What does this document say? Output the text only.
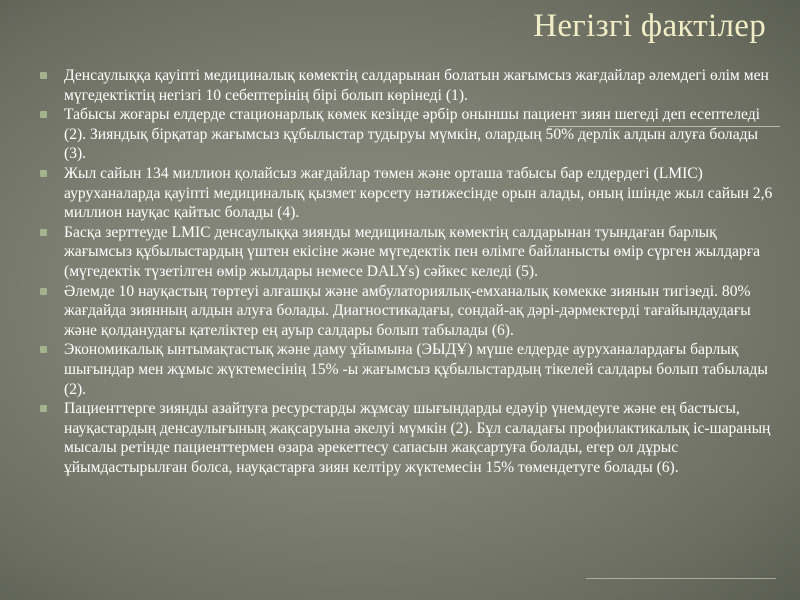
Негізгі фактілер
Денсаулыққа қауіпті медициналық көмектің салдарынан болатын жағымсыз жағдайлар әлемдегі өлім мен мүгедектіктің негізгі 10 себептерінің бірі болып көрінеді (1).
Табысы жоғары елдерде стационарлық көмек кезінде әрбір оныншы пациент зиян шегеді деп есептеледі (2). Зияндық бірқатар жағымсыз құбылыстар тудыруы мүмкін, олардың 50% дерлік алдын алуға болады (3).
Жыл сайын 134 миллион қолайсыз жағдайлар төмен және орташа табысы бар елдердегі (LMIC) ауруханаларда қауіпті медициналық қызмет көрсету нәтижесінде орын алады, оның ішінде жыл сайын 2,6 миллион науқас қайтыс болады (4).
Басқа зерттеуде LMIC денсаулыққа зиянды медициналық көмектің салдарынан туындаған барлық жағымсыз құбылыстардың үштен екісіне және мүгедектік пен өлімге байланысты өмір сүрген жылдарға (мүгедектік түзетілген өмір жылдары немесе DALYs) сәйкес келеді (5).
Әлемде 10 науқастың төртеуі алғашқы және амбулаториялық-емханалық көмекке зиянын тигізеді. 80% жағдайда зиянның алдын алуға болады. Диагностикадағы, сондай-ақ дәрі-дәрмектерді тағайындаудағы және қолданудағы қателіктер ең ауыр салдары болып табылады (6).
Экономикалық ынтымақтастық және даму ұйымына (ЭЫДҰ) мүше елдерде ауруханалардағы барлық шығындар мен жұмыс жүктемесінің 15% -ы жағымсыз құбылыстардың тікелей салдары болып табылады (2).
Пациенттерге зиянды азайтуға ресурстарды жұмсау шығындарды едәуір үнемдеуге және ең бастысы, науқастардың денсаулығының жақсаруына әкелуі мүмкін (2). Бұл саладағы профилактикалық іс-шараның мысалы ретінде пациенттермен өзара әрекеттесу сапасын жақсартуға болады, егер ол дұрыс ұйымдастырылған болса, науқастарға зиян келтіру жүктемесін 15% төмендетуге болады (6).
